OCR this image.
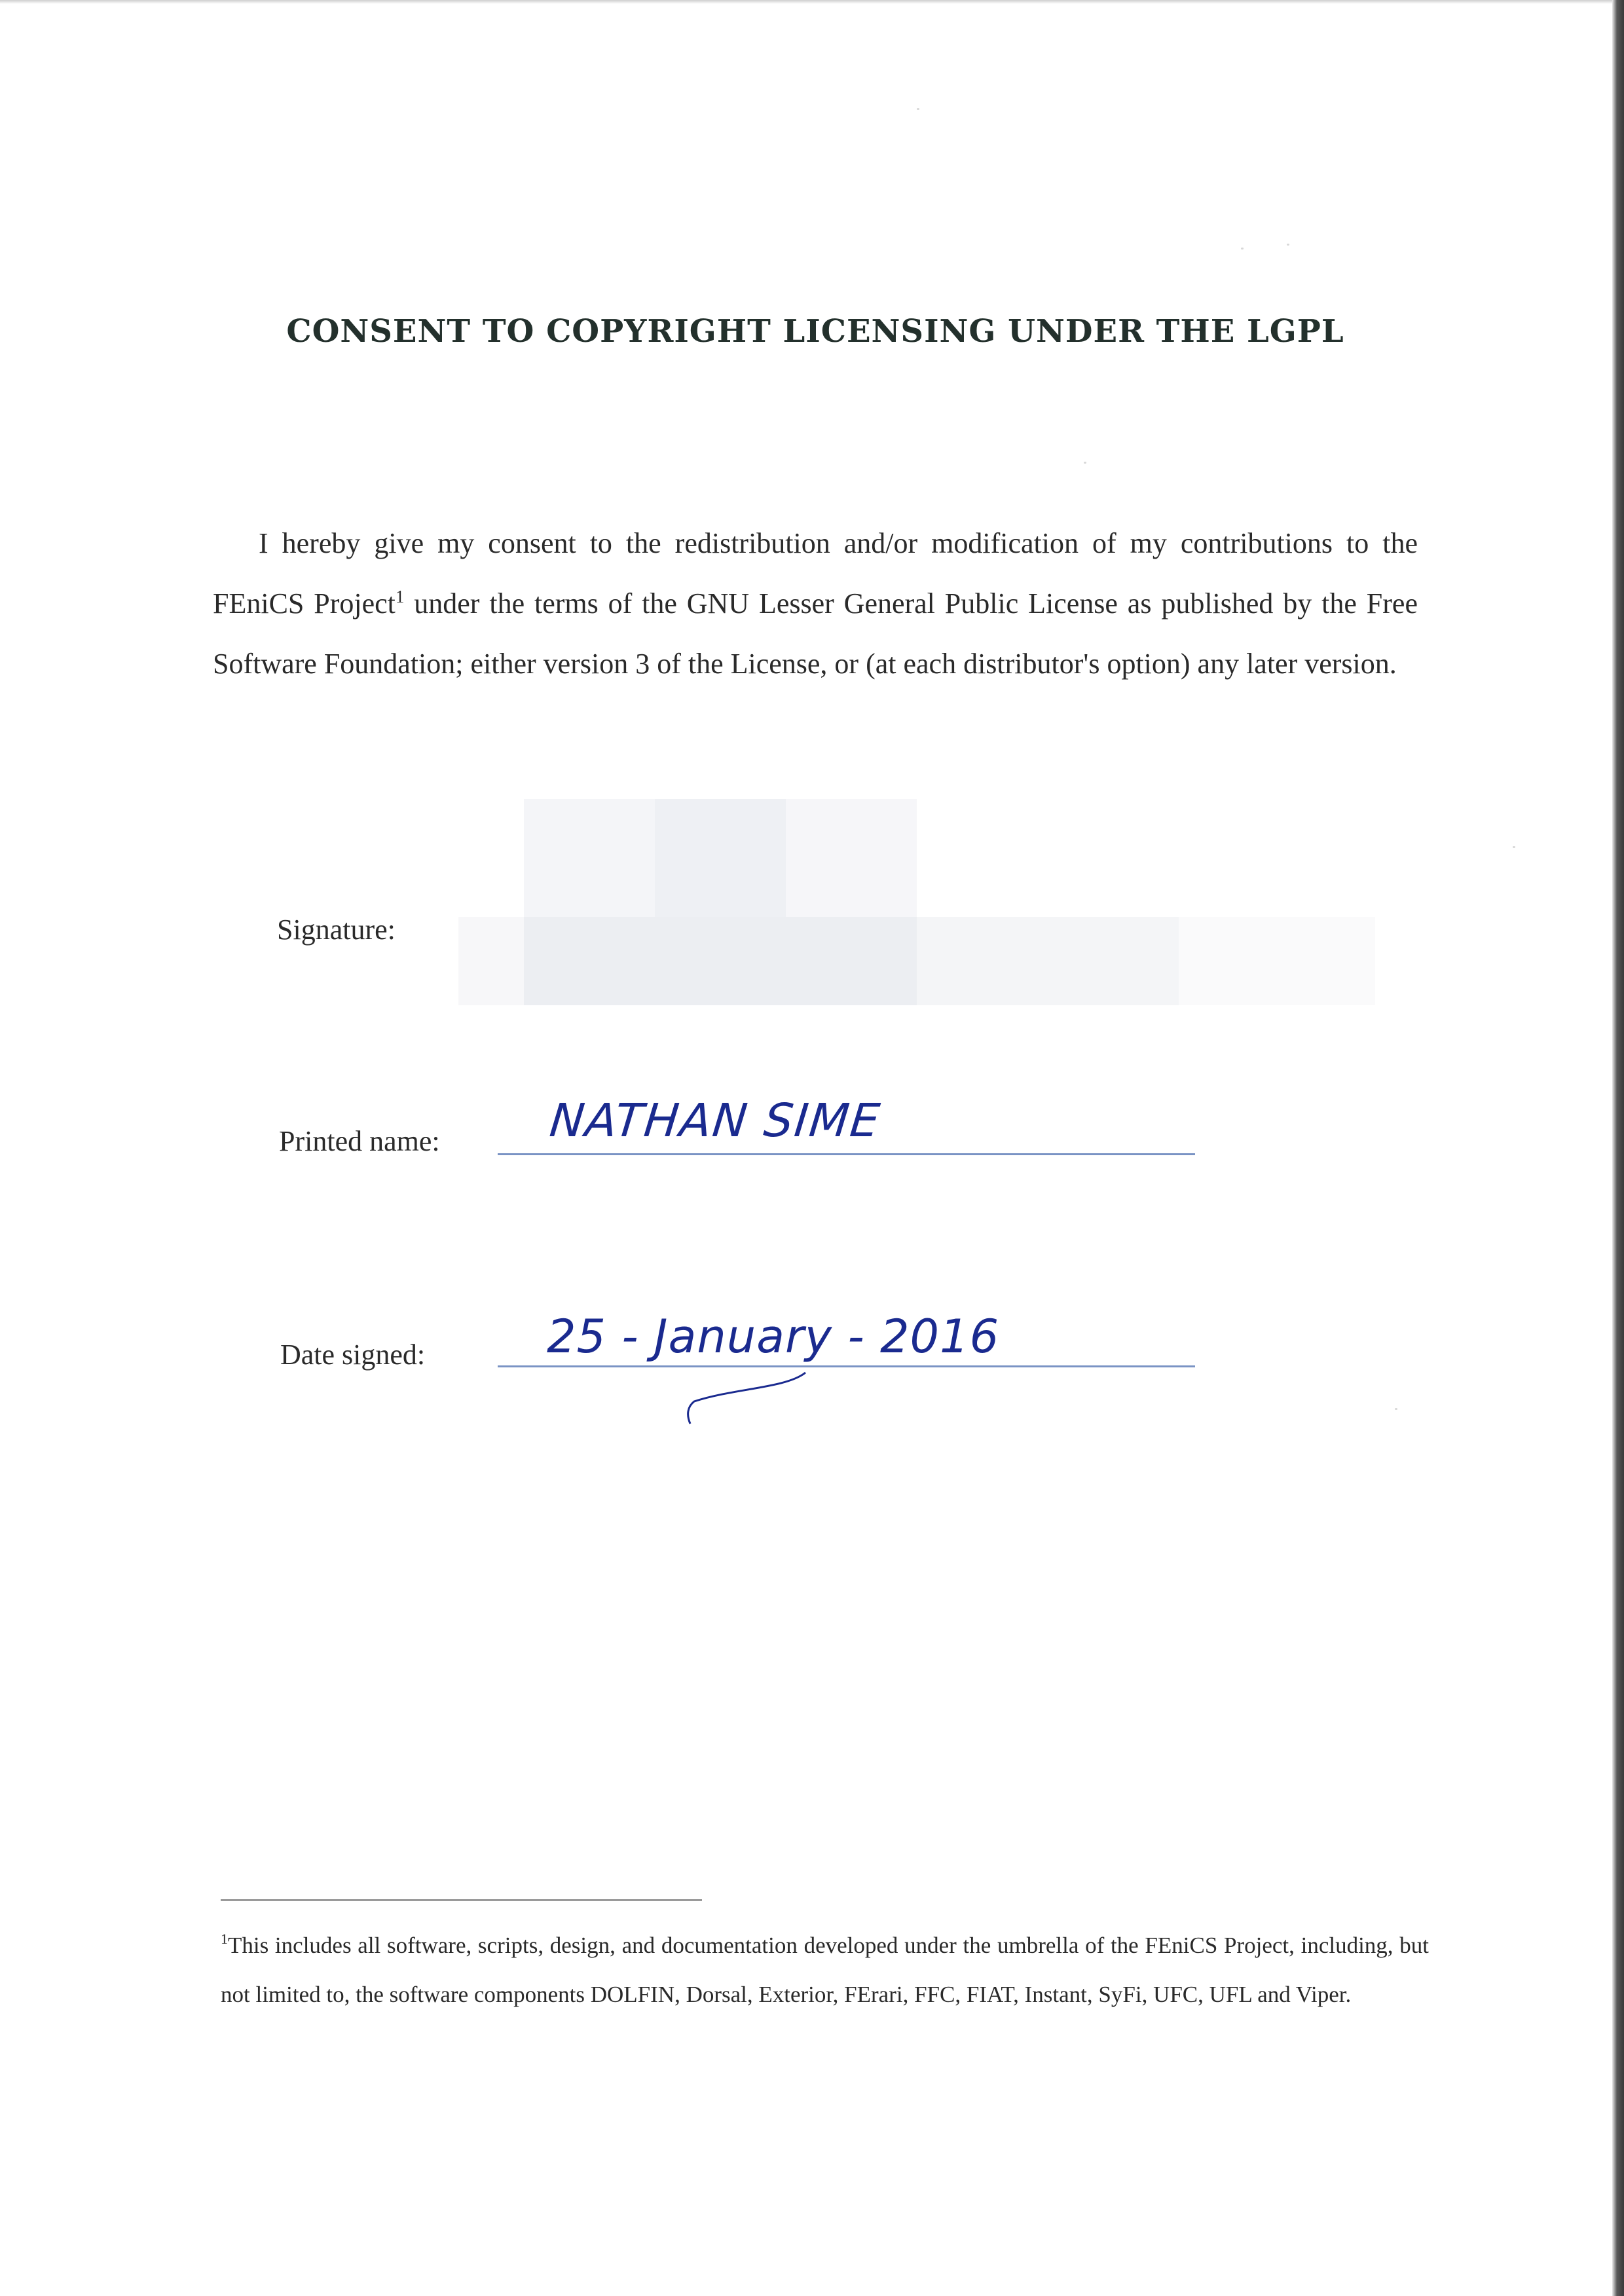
CONSENT TO COPYRIGHT LICENSING UNDER THE LGPL

I hereby give my consent to the redistribution and/or modification of my contributions to the FEniCS Project$^1$ under the terms of the GNU Lesser General Public License as published by the Free Software Foundation; either version 3 of the License, or (at each distributor's option) any later version.

Signature:
Printed name: NATHAN SIME
Date signed:	25 - January - 2016

$^1$This includes all software, scripts, design, and documentation developed under the umbrella of the FEniCS Project, including, but not limited to, the software components DOLFIN, Dorsal, Exterior, FErari, FFC, FIAT, Instant, SyFi, UFC, UFL and Viper.
